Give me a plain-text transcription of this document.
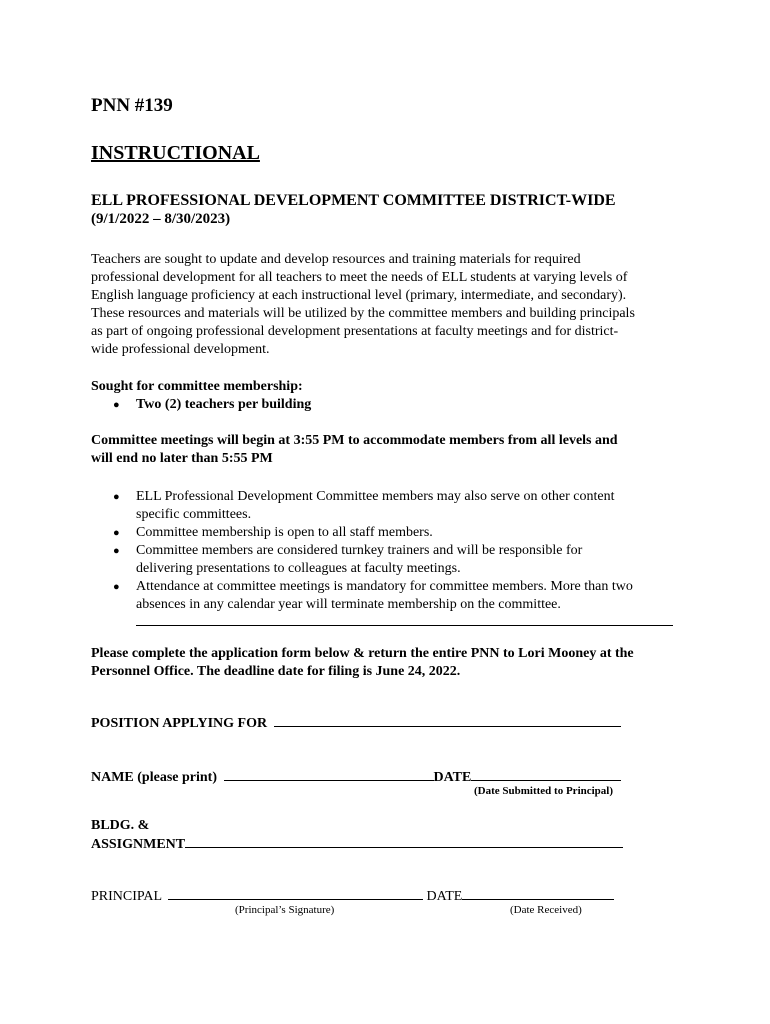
PNN #139
INSTRUCTIONAL
ELL PROFESSIONAL DEVELOPMENT COMMITTEE DISTRICT-WIDE
(9/1/2022 – 8/30/2023)
Teachers are sought to update and develop resources and training materials for required
professional development for all teachers to meet the needs of ELL students at varying levels of
English language proficiency at each instructional level (primary, intermediate, and secondary).
These resources and materials will be utilized by the committee members and building principals
as part of ongoing professional development presentations at faculty meetings and for district-
wide professional development.
Sought for committee membership:
● Two (2) teachers per building
Committee meetings will begin at 3:55 PM to accommodate members from all levels and
will end no later than 5:55 PM
● ELL Professional Development Committee members may also serve on other content
specific committees.
● Committee membership is open to all staff members.
● Committee members are considered turnkey trainers and will be responsible for
delivering presentations to colleagues at faculty meetings.
● Attendance at committee meetings is mandatory for committee members. More than two
absences in any calendar year will terminate membership on the committee.
Please complete the application form below & return the entire PNN to Lori Mooney at the
Personnel Office. The deadline date for filing is June 24, 2022.
POSITION APPLYING FOR
NAME (please print)	DATE
(Date Submitted to Principal)
BLDG. &
ASSIGNMENT
PRINCIPAL	DATE
(Principal’s Signature)	(Date Received)
